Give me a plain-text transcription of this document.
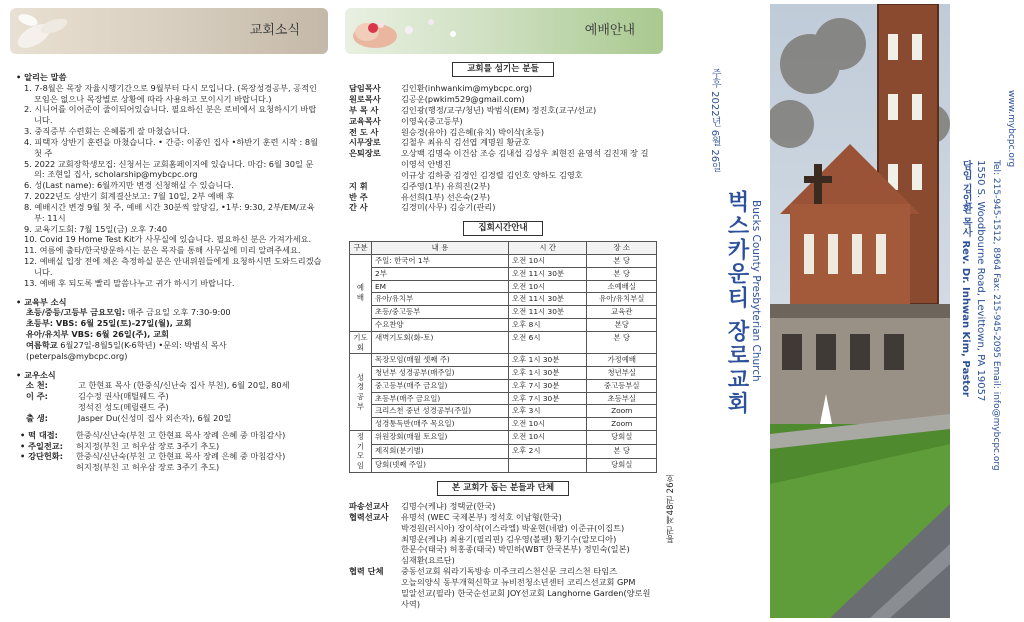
교회소식
• 알리는 말씀
1. 7-8월은 목장 자율시행기간으로 9월부터 다시 모입니다. (목장성경공부, 공적인 모임은 없으나 목장별로 상황에 따라 사용하고 모이시기 바랍니다.)
2. 시니어를 이어준이 줄이되어있습니다. 필요하신 분은 로비에서 요청하시기 바랍니다.
3. 중직증부 수련회는 은혜롭게 잘 마쳤습니다.
4. 피택자 상반기 훈련을 마쳤습니다. • 간증: 이종인 집사 •하반기 훈련 시작 : 8월 첫 주
5. 2022 교회장학생모집: 신청서는 교회홈페이지에 있습니다. 마감: 6월 30일 문의: 조현일 집사, scholarship@mybcpc.org
6. 성(Last name): 6월까지만 변경 신청해실 수 있습니다.
7. 2022년도 상반기 회계결산보고: 7월 10일, 2부 예배 후
8. 예배시간 변경 9월 첫 주, 예배 시간 30분씩 앞당김, •1부: 9:30, 2부/EM/교육부: 11시
9. 교육기도회: 7월 15일(금) 오후 7:40
10. Covid 19 Home Test Kit가 사무실에 있습니다. 필요하신 분은 가져가세요.
11. 여름에 출타/한국방문하시는 분은 목자를 통해 사무실에 미리 알려주세요.
12. 예배실 입장 전에 체온 측정하실 분은 안내위원들에게 요청하시면 도와드리겠습니다.
13. 예배 후 되도록 빨리 말씀나누고 귀가 하시기 바랍니다.
• 교육부 소식
초등/중등/고등부 금요모임: 매주 금요일 오후 7:30-9:00
초등부: VBS: 6월 25일(토)-27일(월), 교회
유아/유치부 VBS: 6월 26일(주), 교회
여름학교 6월27일-8월5일(K-6학년) •문의: 박범식 목사(peterpals@mybcpc.org)
• 교우소식
소 천:	고 한현표 목사 (한중식/신난숙 집사 부친), 6월 20일, 80세
이 주:	김수정 권사(매틸웨드 주)
정석진 성도(메릴랜드 주)
출 생:	Jasper Du(신성미 집사 외손자), 6월 20일
• 떡 대접:	한중식/신난숙(부친 고 한현표 목사 장례 은혜 중 마침감사)
• 주일전교:	허지정(부친 고 허우삼 장로 3주기 추도)
• 강단헌화:	한중식/신난숙(부친 고 한현표 목사 장례 은혜 중 마침감사)
허지정(부친 고 허우삼 장로 3주기 추도)
예배안내
교회를 섬기는 분들
담임목사	김인환(inhwankim@mybcpc.org)
원로목사	김공운(pwkim529@gmail.com)
부 목 사	김인광(행정/교구/청년) 박범식(EM) 정진호(교구/선교)
교육목사	이영욱(중고등부)
전 도 사	원승경(유아) 김은혜(유치) 박이삭(초등)
시무장로	김철우 최유식 김선엽 계명원 황균호
은퇴장로	오상백 김명숙 이건삼 조승 김내섭 김성우 최현진 윤영석 김진재 장 길 이영석 안병진
이규상 김하중 김경인 김경렬 김인호 양하도 김영호
지 휘	김주영(1부) 유희진(2부)
반 주	유선희(1부) 선은숙(2부)
간 사	김경미(사무) 김승기(관리)
집회시간안내
구분	내 용	시 간	장 소
예 배	주일: 한국어 1부	오전 10시	본 당
	2부	오전 11시 30분	본 당
	EM	오전 10시	소예배실
	유아/유치부	오전 11시 30분	유아/유치부실
	초등/중고등부	오전 11시 30분	교육관
	수요찬양	오후 8시	본당
기도회	새벽기도회(화-토)	오전 6시	본 당
성 경 공 부	목장모임(매월 셋째 주)	오후 1시 30분	가정예배
	청년부 성경공부(매주일)	오후 1시 30분	청년부실
	중고등부(매주 금요일)	오후 7시 30분	중고등부실
	초등부(매주 금요일)	오후 7시 30분	초등부실
	크리스천 중년 성경공부(주일)	오후 3시	Zoom
	성경통독반(매주 목요일)	오전 10시	Zoom
정 기 모 임	위원장회(매월 토요일)	오전 10시	당회실
	제직회(분기별)	오후 2시	본 당
	당회(넷째 주일)		당회실
본 교회가 돕는 분들과 단체
파송선교사	김명수(케냐) 정택균(한국)
협력선교사	유명석 (WEC 국제본부) 정석호 이남형(한국)
박경원(러시아) 장이삭(이스라엘) 박윤현(네팔) 이준규(이집트)
최명운(케냐) 최용기(필리핀) 김우영(볼펜) 황기수(알모디아)
한문수(태국) 허홍종(태국) 박민하(WBT 한국본부) 정민숙(일본)
심재환(요르단)
협력 단체	중동선교회 워라기독방송 미주크리스천신문 크리스천 타임즈
오늘의양식 동부개혁신학교 뉴비전청소년센터 코리스선교회 GPM
밀알선교(필라) 한국순선교회 JOY선교회 Langhorne Garden(양로원사역)
통권 제48권 26호
주후 2022년 6월 26일
벅스카운티 장로교회 Bucks County Presbyterian Church	담임 김인환 목사 Rev. Dr. Inhwan Kim, Pastor 1550 S. Woodbourne Road, Levittown, PA 19057 Tel: 215-945-1512, 8964 Fax: 215-945-2095 Email: info@mybcpc.org
www.mybcpc.org
